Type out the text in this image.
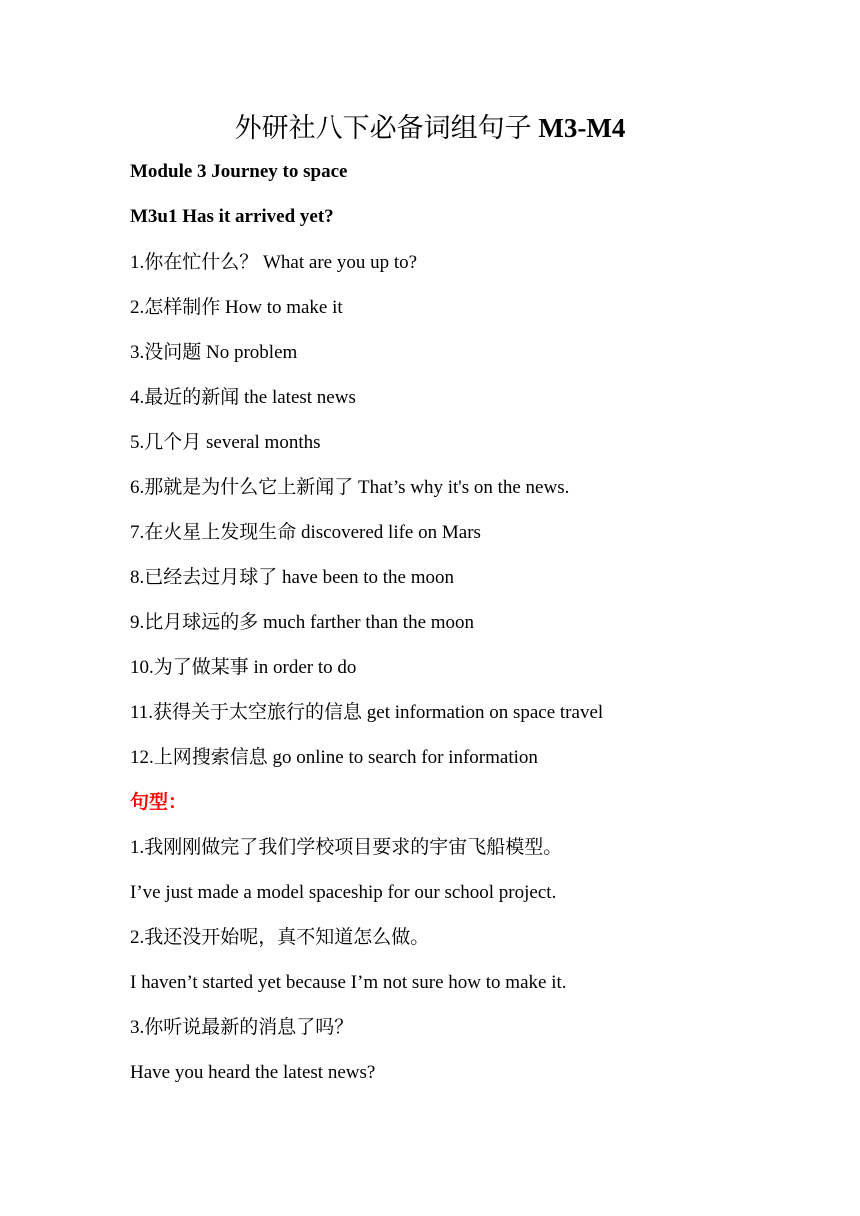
外研社八下必备词组句子 M3-M4
Module 3 Journey to space
M3u1 Has it arrived yet?
1.你在忙什么？ What are you up to?
2.怎样制作 How to make it
3.没问题 No problem
4.最近的新闻 the latest news
5.几个月 several months
6.那就是为什么它上新闻了 That’s why it's on the news.
7.在火星上发现生命 discovered life on Mars
8.已经去过月球了 have been to the moon
9.比月球远的多 much farther than the moon
10.为了做某事 in order to do
11.获得关于太空旅行的信息 get information on space travel
12.上网搜索信息 go online to search for information
句型：
1.我刚刚做完了我们学校项目要求的宇宙飞船模型。
I’ve just made a model spaceship for our school project.
2.我还没开始呢，真不知道怎么做。
I haven’t started yet because I’m not sure how to make it.
3.你听说最新的消息了吗？
Have you heard the latest news?
